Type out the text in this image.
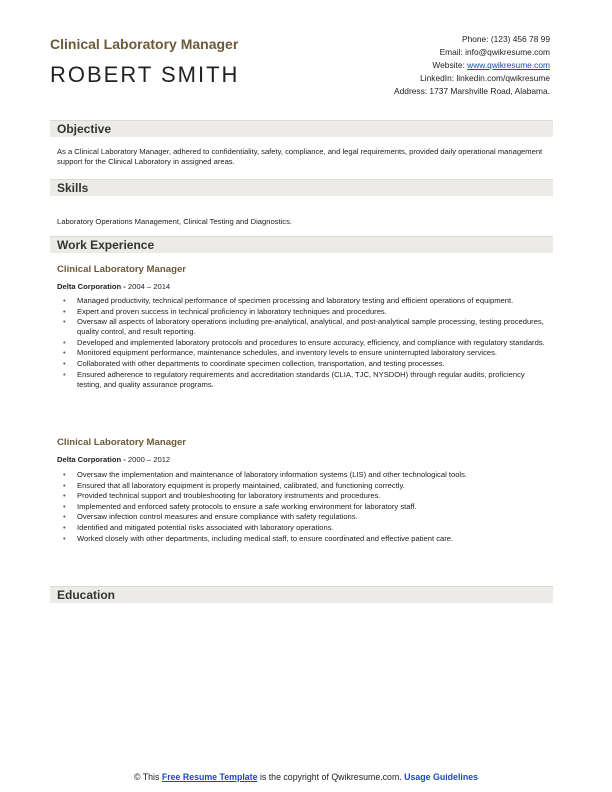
Clinical Laboratory Manager
ROBERT SMITH
Phone: (123) 456 78 99
Email: info@qwikresume.com
Website: www.qwikresume.com
LinkedIn: linkedin.com/qwikresume
Address: 1737 Marshville Road, Alabama.
Objective
As a Clinical Laboratory Manager, adhered to confidentiality, safety, compliance, and legal requirements, provided daily operational management support for the Clinical Laboratory in assigned areas.
Skills
Laboratory Operations Management, Clinical Testing and Diagnostics.
Work Experience
Clinical Laboratory Manager
Delta Corporation - 2004 – 2014
• Managed productivity, technical performance of specimen processing and laboratory testing and efficient operations of equipment.
• Expert and proven success in technical proficiency in laboratory techniques and procedures.
• Oversaw all aspects of laboratory operations including pre-analytical, analytical, and post-analytical sample processing, testing procedures, quality control, and result reporting.
• Developed and implemented laboratory protocols and procedures to ensure accuracy, efficiency, and compliance with regulatory standards.
• Monitored equipment performance, maintenance schedules, and inventory levels to ensure uninterrupted laboratory services.
• Collaborated with other departments to coordinate specimen collection, transportation, and testing processes.
• Ensured adherence to regulatory requirements and accreditation standards (CLIA, TJC, NYSDOH) through regular audits, proficiency testing, and quality assurance programs.
Clinical Laboratory Manager
Delta Corporation - 2000 – 2012
• Oversaw the implementation and maintenance of laboratory information systems (LIS) and other technological tools.
• Ensured that all laboratory equipment is properly maintained, calibrated, and functioning correctly.
• Provided technical support and troubleshooting for laboratory instruments and procedures.
• Implemented and enforced safety protocols to ensure a safe working environment for laboratory staff.
• Oversaw infection control measures and ensure compliance with safety regulations.
• Identified and mitigated potential risks associated with laboratory operations.
• Worked closely with other departments, including medical staff, to ensure coordinated and effective patient care.
Education
© This Free Resume Template is the copyright of Qwikresume.com. Usage Guidelines
